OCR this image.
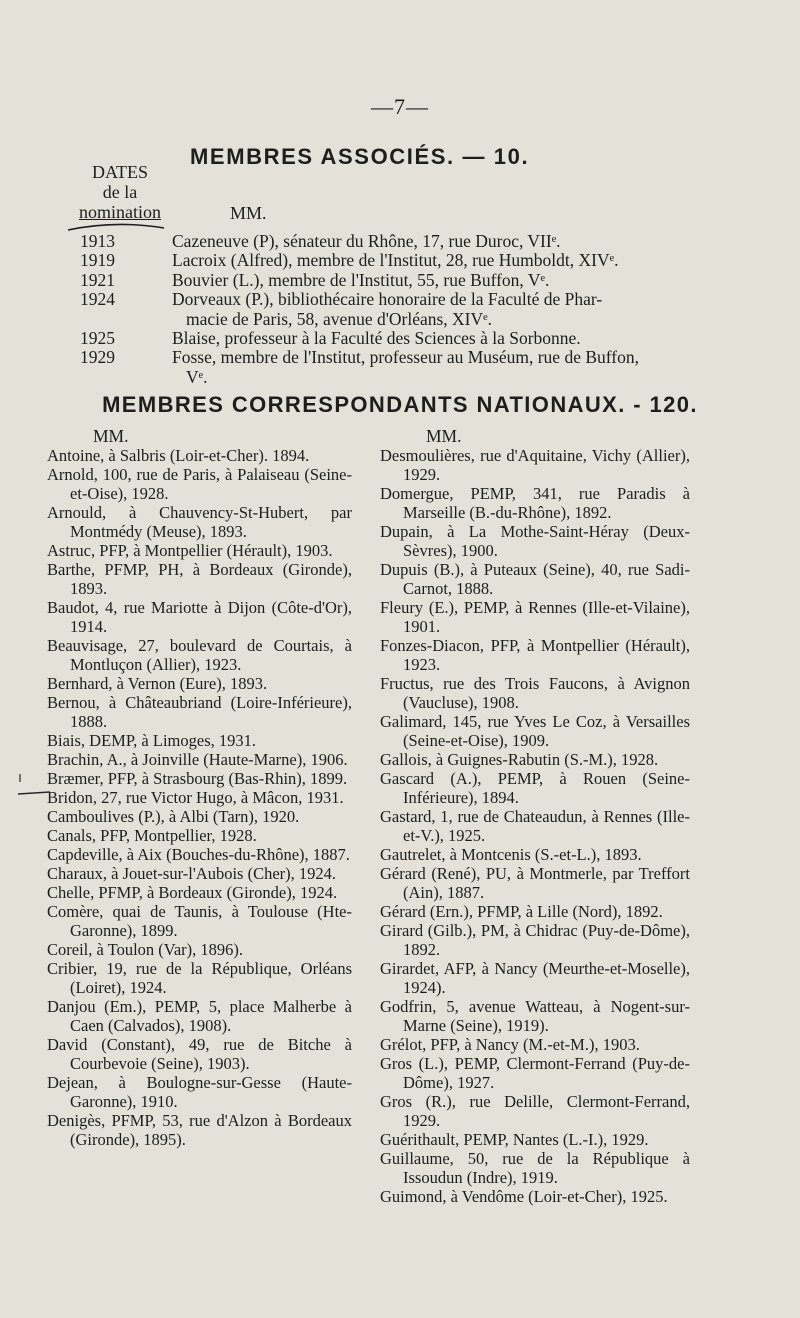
—7—
MEMBRES ASSOCIÉS. — 10.
DATES
de la
nomination	MM.
1913	Cazeneuve (P), sénateur du Rhône, 17, rue Duroc, VIIᵉ.
1919	Lacroix (Alfred), membre de l'Institut, 28, rue Humboldt, XIVᵉ.
1921	Bouvier (L.), membre de l'Institut, 55, rue Buffon, Vᵉ.
1924	Dorveaux (P.), bibliothécaire honoraire de la Faculté de Phar-
macie de Paris, 58, avenue d'Orléans, XIVᵉ.
1925	Blaise, professeur à la Faculté des Sciences à la Sorbonne.
1929	Fosse, membre de l'Institut, professeur au Muséum, rue de Buffon,
Vᵉ.
MEMBRES CORRESPONDANTS NATIONAUX. - 120.
MM.
Antoine, à Salbris (Loir-et-Cher). 1894.
Arnold, 100, rue de Paris, à Palaiseau (Seine-et-Oise), 1928.
Arnould, à Chauvency-St-Hubert, par Montmédy (Meuse), 1893.
Astruc, PFP, à Montpellier (Hérault), 1903.
Barthe, PFMP, PH, à Bordeaux (Gironde), 1893.
Baudot, 4, rue Mariotte à Dijon (Côte-d'Or), 1914.
Beauvisage, 27, boulevard de Courtais, à Montluçon (Allier), 1923.
Bernhard, à Vernon (Eure), 1893.
Bernou, à Châteaubriand (Loire-Inférieure), 1888.
Biais, DEMP, à Limoges, 1931.
Brachin, A., à Joinville (Haute-Marne), 1906.
Bræmer, PFP, à Strasbourg (Bas-Rhin), 1899.
Bridon, 27, rue Victor Hugo, à Mâcon, 1931.
Camboulives (P.), à Albi (Tarn), 1920.
Canals, PFP, Montpellier, 1928.
Capdeville, à Aix (Bouches-du-Rhône), 1887.
Charaux, à Jouet-sur-l'Aubois (Cher), 1924.
Chelle, PFMP, à Bordeaux (Gironde), 1924.
Comère, quai de Taunis, à Toulouse (Hte-Garonne), 1899.
Coreil, à Toulon (Var), 1896).
Cribier, 19, rue de la République, Orléans (Loiret), 1924.
Danjou (Em.), PEMP, 5, place Malherbe à Caen (Calvados), 1908).
David (Constant), 49, rue de Bitche à Courbevoie (Seine), 1903).
Dejean, à Boulogne-sur-Gesse (Haute-Garonne), 1910.
Denigès, PFMP, 53, rue d'Alzon à Bordeaux (Gironde), 1895).
MM.
Desmoulières, rue d'Aquitaine, Vichy (Allier), 1929.
Domergue, PEMP, 341, rue Paradis à Marseille (B.-du-Rhône), 1892.
Dupain, à La Mothe-Saint-Héray (Deux-Sèvres), 1900.
Dupuis (B.), à Puteaux (Seine), 40, rue Sadi-Carnot, 1888.
Fleury (E.), PEMP, à Rennes (Ille-et-Vilaine), 1901.
Fonzes-Diacon, PFP, à Montpellier (Hérault), 1923.
Fructus, rue des Trois Faucons, à Avignon (Vaucluse), 1908.
Galimard, 145, rue Yves Le Coz, à Versailles (Seine-et-Oise), 1909.
Gallois, à Guignes-Rabutin (S.-M.), 1928.
Gascard (A.), PEMP, à Rouen (Seine-Inférieure), 1894.
Gastard, 1, rue de Chateaudun, à Rennes (Ille-et-V.), 1925.
Gautrelet, à Montcenis (S.-et-L.), 1893.
Gérard (René), PU, à Montmerle, par Treffort (Ain), 1887.
Gérard (Ern.), PFMP, à Lille (Nord), 1892.
Girard (Gilb.), PM, à Chidrac (Puy-de-Dôme), 1892.
Girardet, AFP, à Nancy (Meurthe-et-Moselle), 1924).
Godfrin, 5, avenue Watteau, à Nogent-sur-Marne (Seine), 1919).
Grélot, PFP, à Nancy (M.-et-M.), 1903.
Gros (L.), PEMP, Clermont-Ferrand (Puy-de-Dôme), 1927.
Gros (R.), rue Delille, Clermont-Ferrand, 1929.
Guérithault, PEMP, Nantes (L.-I.), 1929.
Guillaume, 50, rue de la République à Issoudun (Indre), 1919.
Guimond, à Vendôme (Loir-et-Cher), 1925.
